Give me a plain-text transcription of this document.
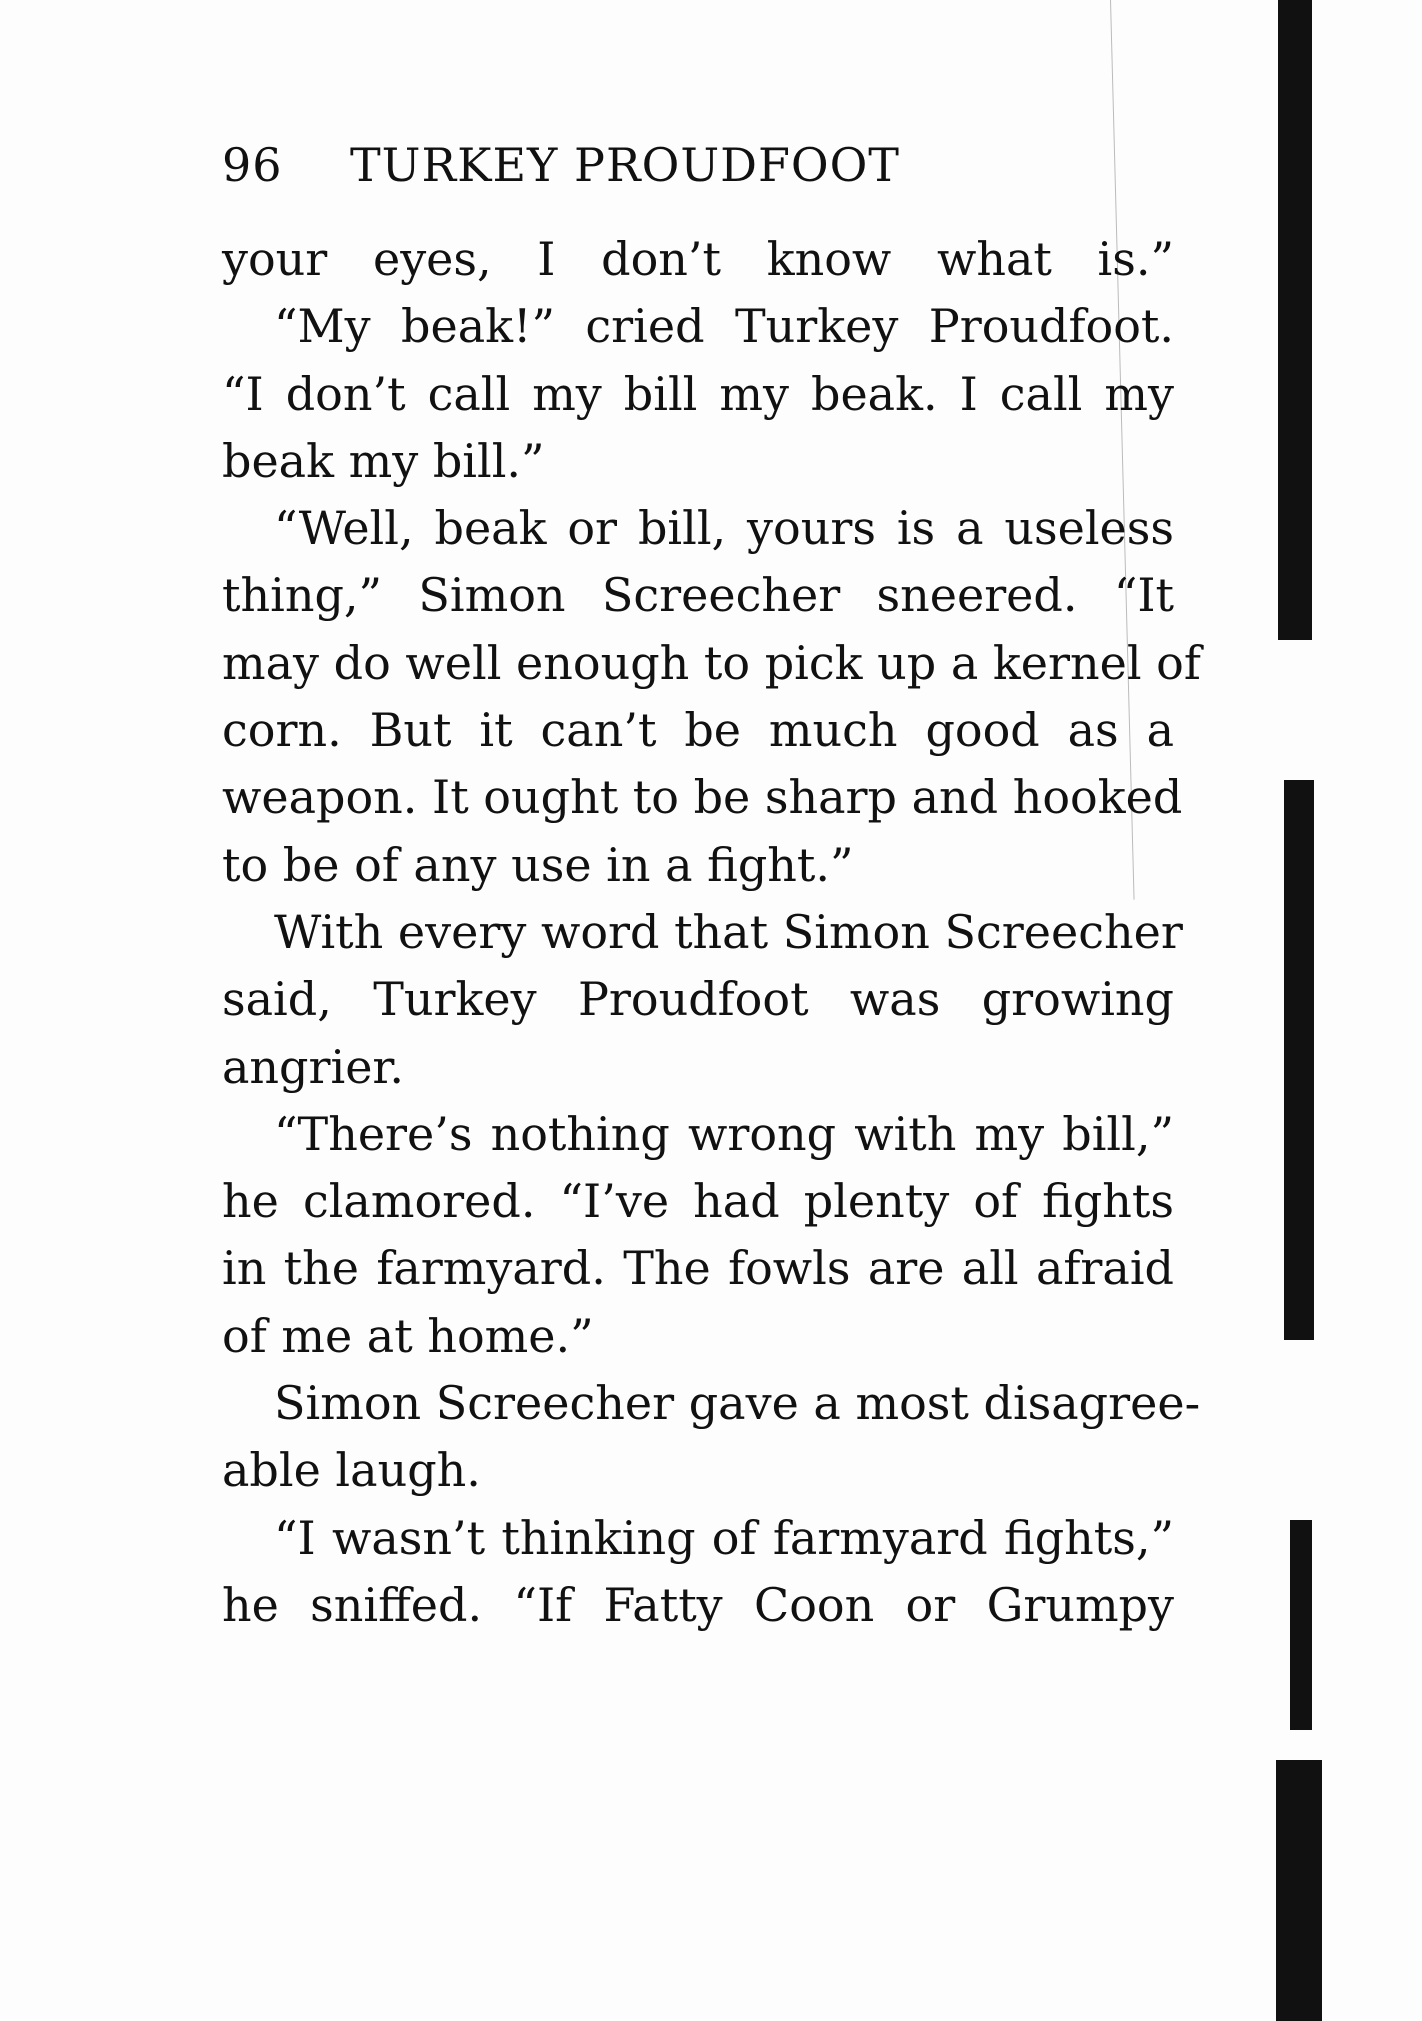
96 TURKEY PROUDFOOT
your eyes, I don’t know what is.”
“My beak!” cried Turkey Proudfoot.
“I don’t call my bill my beak. I call my
beak my bill.”
“Well, beak or bill, yours is a useless
thing,” Simon Screecher sneered. “It
may do well enough to pick up a kernel of
corn. But it can’t be much good as a
weapon. It ought to be sharp and hooked
to be of any use in a fight.”
With every word that Simon Screecher
said, Turkey Proudfoot was growing
angrier.
“There’s nothing wrong with my bill,”
he clamored. “I’ve had plenty of fights
in the farmyard. The fowls are all afraid
of me at home.”
Simon Screecher gave a most disagree-
able laugh.
“I wasn’t thinking of farmyard fights,”
he sniffed. “If Fatty Coon or Grumpy
